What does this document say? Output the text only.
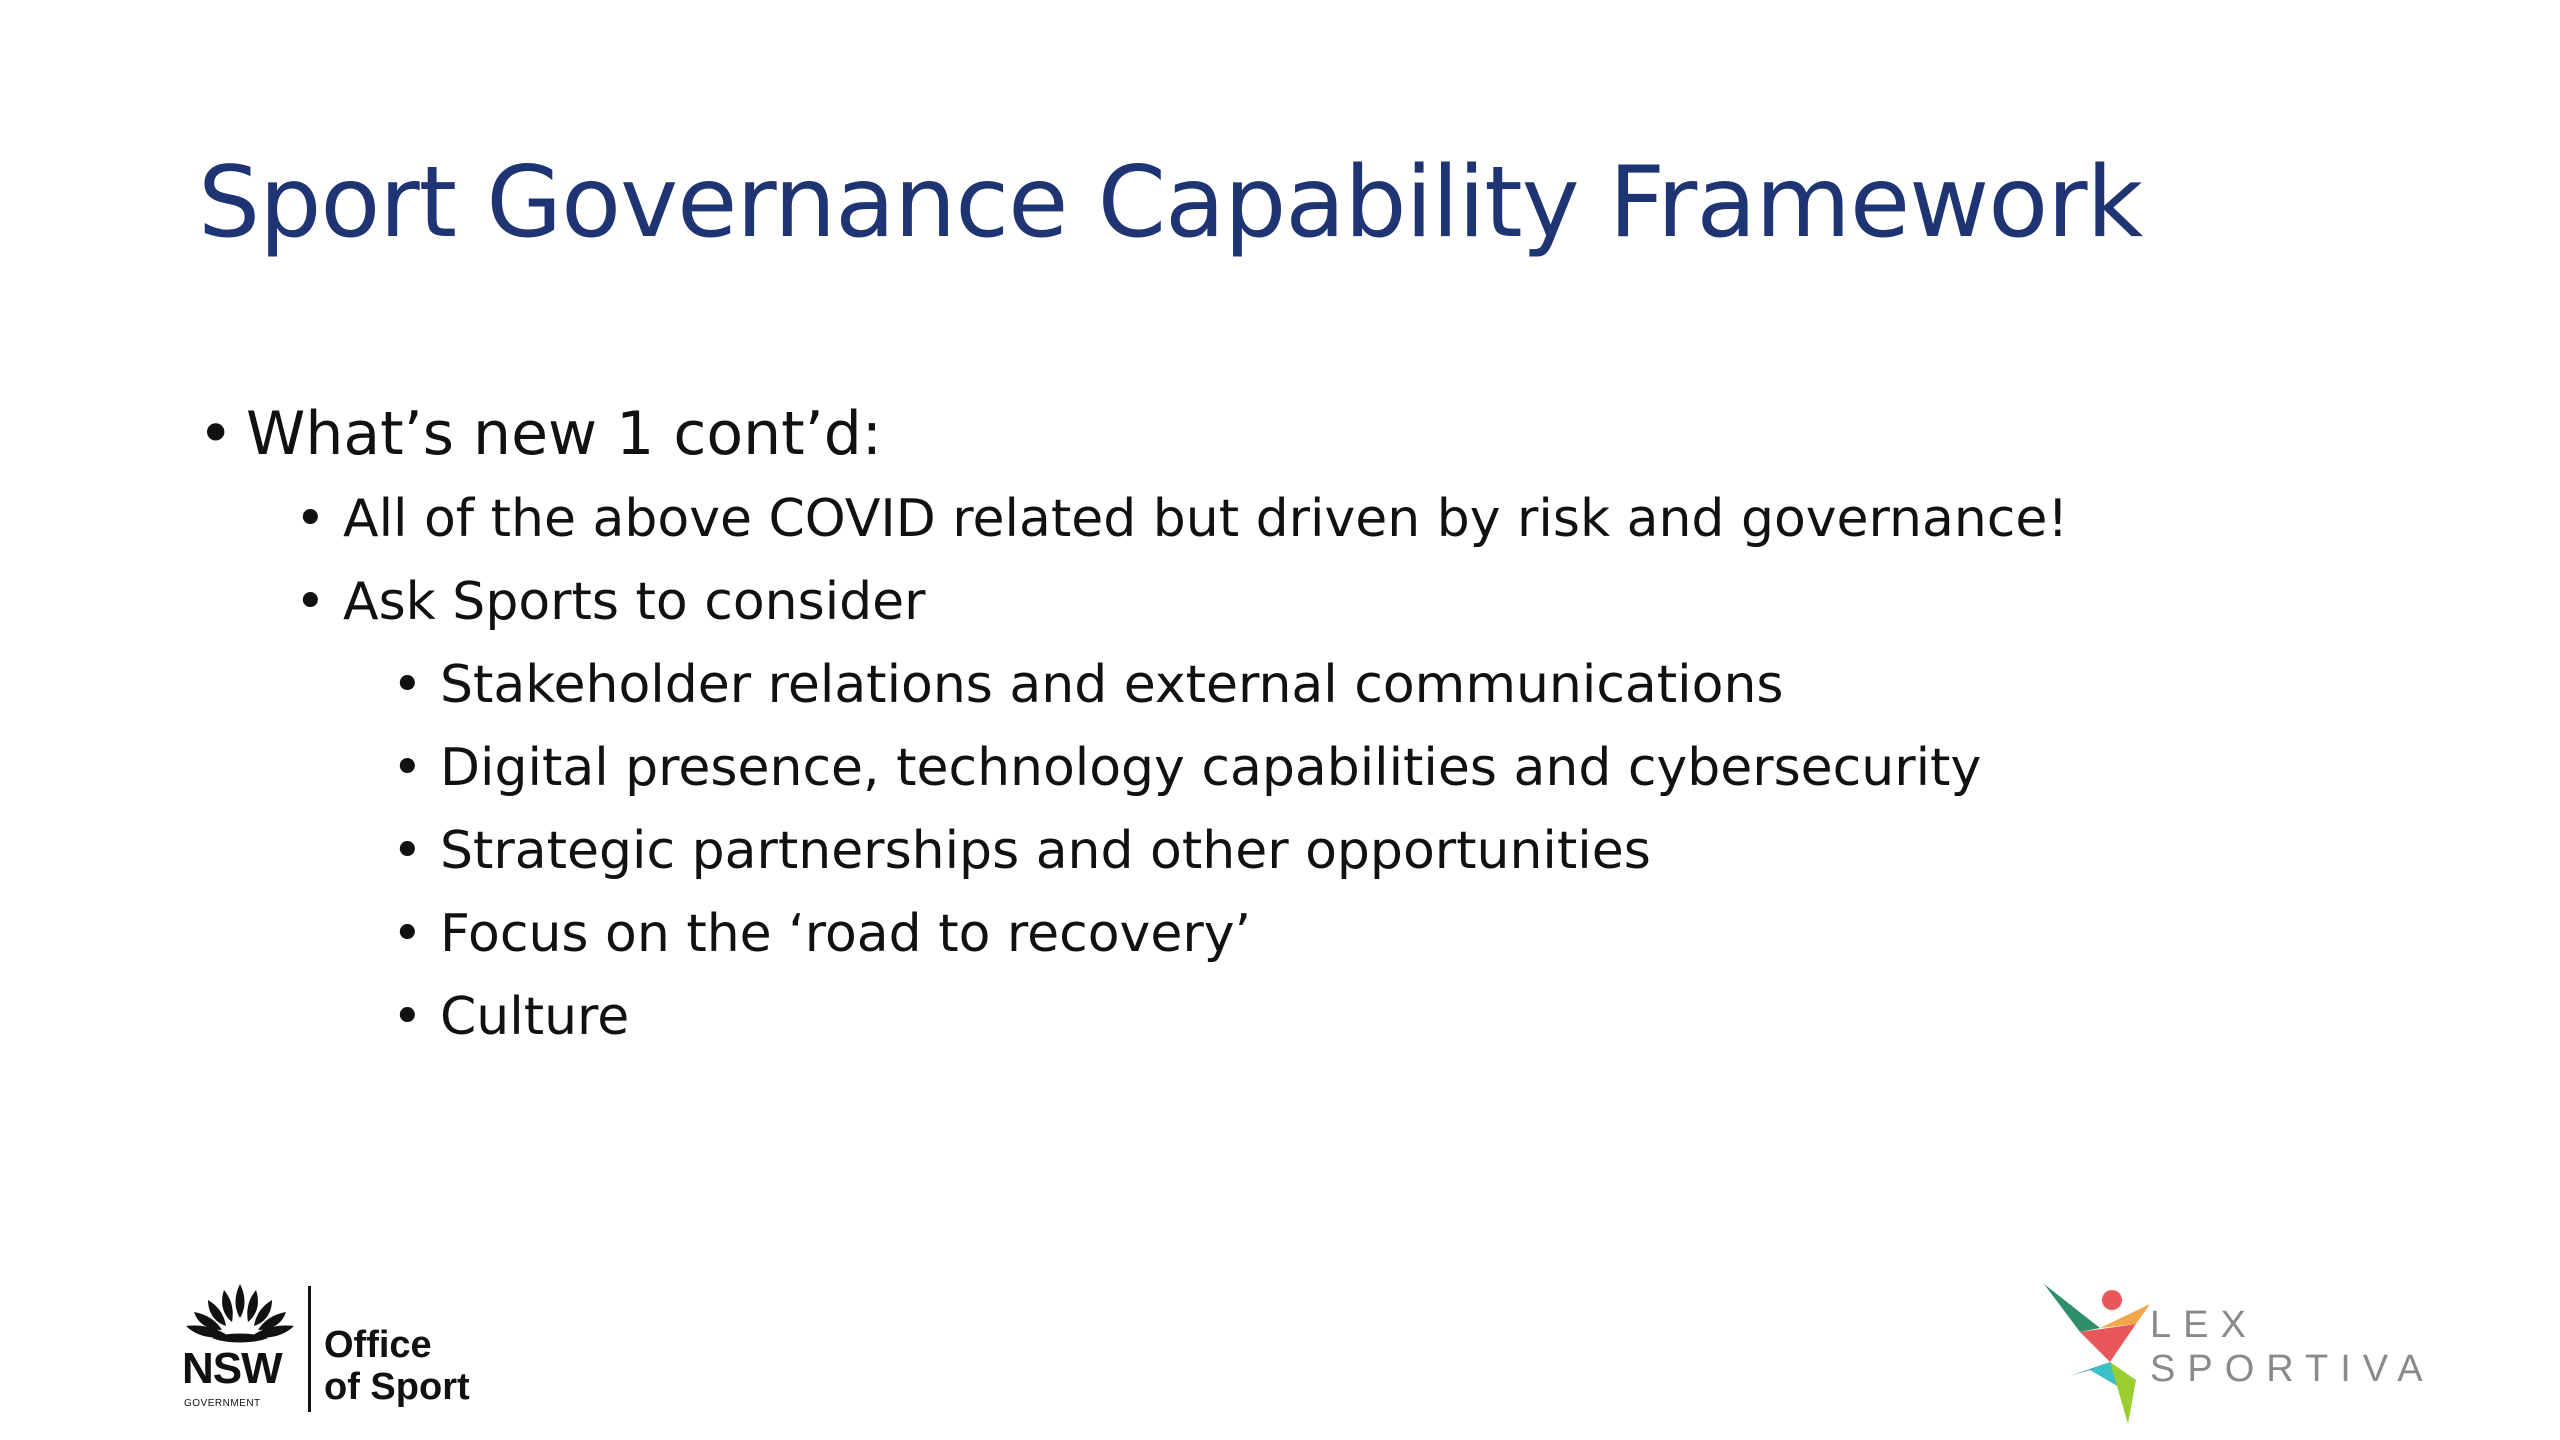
Sport Governance Capability Framework
• What’s new 1 cont’d:
• All of the above COVID related but driven by risk and governance!
• Ask Sports to consider
• Stakeholder relations and external communications
• Digital presence, technology capabilities and cybersecurity
• Strategic partnerships and other opportunities
• Focus on the ‘road to recovery’
• Culture
NSW
GOVERNMENT
Office
of Sport
LEX
SPORTIVA
